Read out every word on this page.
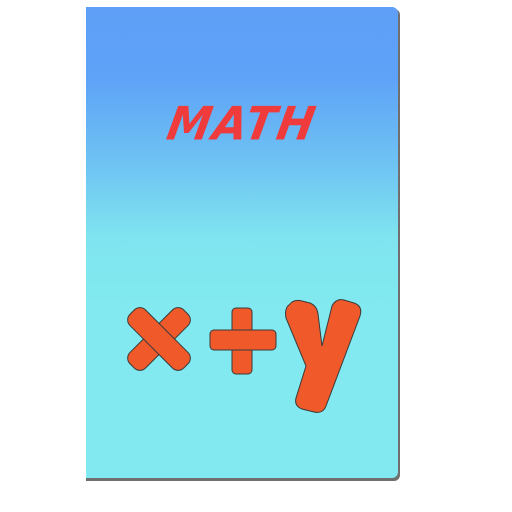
MATH
